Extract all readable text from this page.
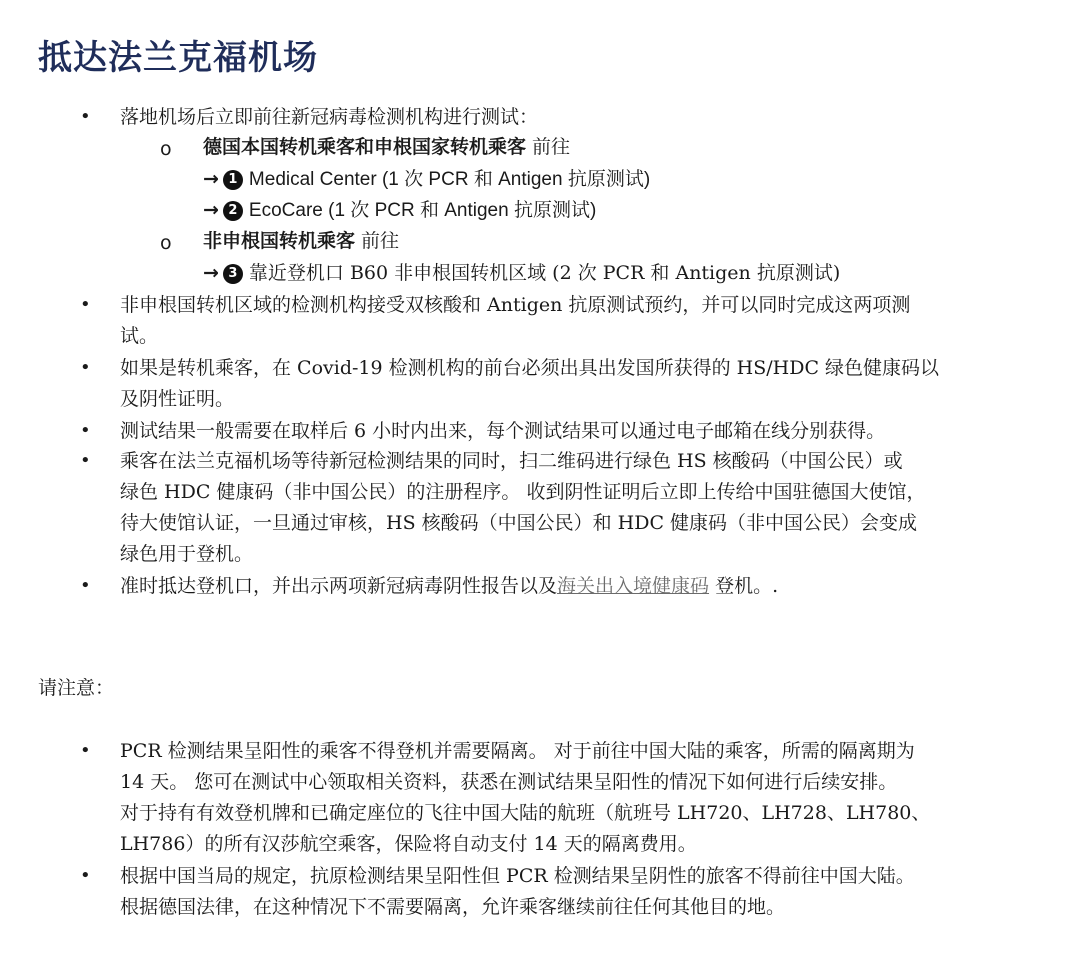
抵达法兰克福机场
• 落地机场后立即前往新冠病毒检测机构进行测试：
o 德国本国转机乘客和申根国家转机乘客 前往
→ 1 Medical Center (1 次 PCR 和 Antigen 抗原测试)
→ 2 EcoCare (1 次 PCR 和 Antigen 抗原测试)
o 非申根国转机乘客 前往
→ 3 靠近登机口 B60 非申根国转机区域 (2 次 PCR 和 Antigen 抗原测试)
• 非申根国转机区域的检测机构接受双核酸和 Antigen 抗原测试预约，并可以同时完成这两项测
试。
• 如果是转机乘客，在 Covid-19 检测机构的前台必须出具出发国所获得的 HS/HDC 绿色健康码以
及阴性证明。
• 测试结果一般需要在取样后 6 小时内出来，每个测试结果可以通过电子邮箱在线分别获得。
• 乘客在法兰克福机场等待新冠检测结果的同时，扫二维码进行绿色 HS 核酸码（中国公民）或
绿色 HDC 健康码（非中国公民）的注册程序。 收到阴性证明后立即上传给中国驻德国大使馆，
待大使馆认证，一旦通过审核，HS 核酸码（中国公民）和 HDC 健康码（非中国公民）会变成
绿色用于登机。
• 准时抵达登机口，并出示两项新冠病毒阴性报告以及海关出入境健康码 登机。.
请注意：
• PCR 检测结果呈阳性的乘客不得登机并需要隔离。 对于前往中国大陆的乘客，所需的隔离期为
14 天。 您可在测试中心领取相关资料，获悉在测试结果呈阳性的情况下如何进行后续安排。
对于持有有效登机牌和已确定座位的飞往中国大陆的航班（航班号 LH720、LH728、LH780、
LH786）的所有汉莎航空乘客，保险将自动支付 14 天的隔离费用。
• 根据中国当局的规定，抗原检测结果呈阳性但 PCR 检测结果呈阴性的旅客不得前往中国大陆。
根据德国法律，在这种情况下不需要隔离，允许乘客继续前往任何其他目的地。
